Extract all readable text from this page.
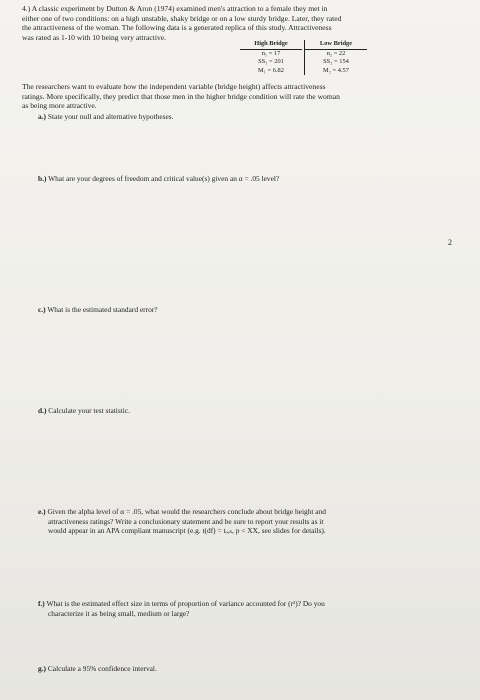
4.) A classic experiment by Dutton & Aron (1974) examined men's attraction to a female they met in
either one of two conditions: on a high unstable, shaky bridge or on a low sturdy bridge. Later, they rated
the attractiveness of the woman. The following data is a generated replica of this study. Attractiveness
was rated as 1-10 with 10 being very attractive.
High Bridge
n₁ = 17
SS₁ = 201
M₁ = 6.82
Low Bridge
n₂ = 22
SS₂ = 154
M₂ = 4.57
The researchers want to evaluate how the independent variable (bridge height) affects attractiveness
ratings. More specifically, they predict that those men in the higher bridge condition will rate the woman
as being more attractive.
a.) State your null and alternative hypotheses.
b.) What are your degrees of freedom and critical value(s) given an α = .05 level?
2
c.) What is the estimated standard error?
d.) Calculate your test statistic.
e.) Given the alpha level of α = .05, what would the researchers conclude about bridge height and
attractiveness ratings? Write a conclusionary statement and be sure to report your results as it
would appear in an APA compliant manuscript (e.g. t(df) = tₒₑₛ, p < XX, see slides for details).
f.) What is the estimated effect size in terms of proportion of variance accounted for (r²)? Do you
characterize it as being small, medium or large?
g.) Calculate a 95% confidence interval.
